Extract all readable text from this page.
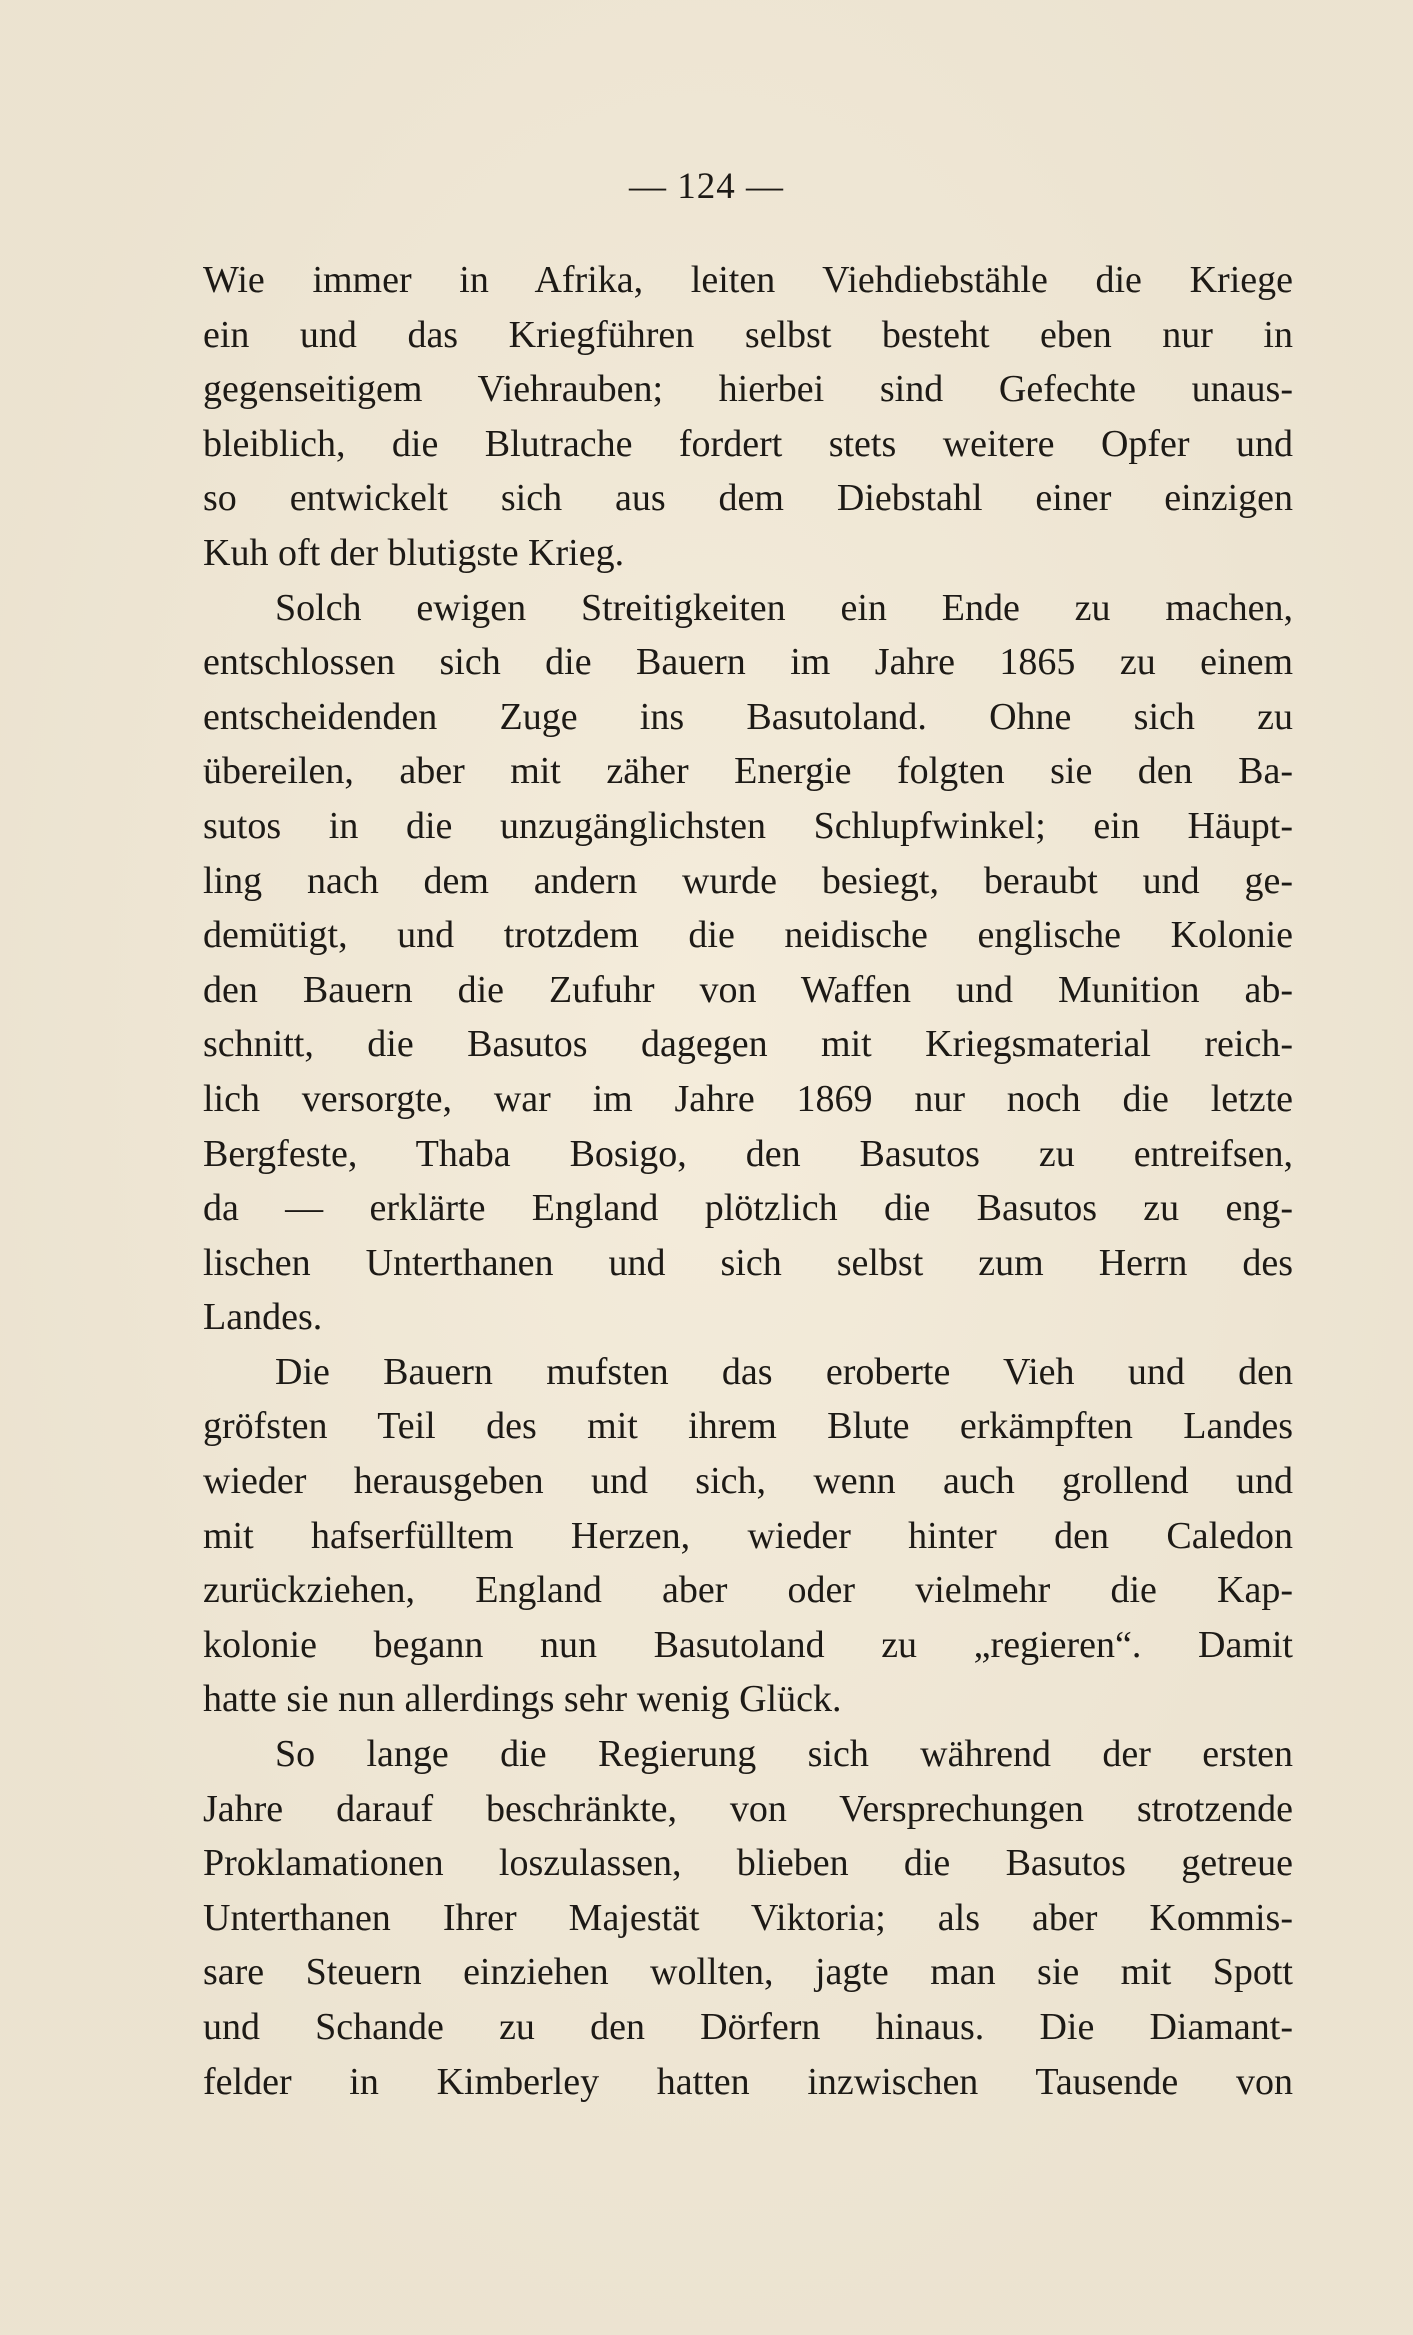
— 124 —
Wie immer in Afrika, leiten Viehdiebstähle die Kriege
ein und das Kriegführen selbst besteht eben nur in
gegenseitigem Viehrauben; hierbei sind Gefechte unaus-
bleiblich, die Blutrache fordert stets weitere Opfer und
so entwickelt sich aus dem Diebstahl einer einzigen
Kuh oft der blutigste Krieg.
Solch ewigen Streitigkeiten ein Ende zu machen,
entschlossen sich die Bauern im Jahre 1865 zu einem
entscheidenden Zuge ins Basutoland. Ohne sich zu
übereilen, aber mit zäher Energie folgten sie den Ba-
sutos in die unzugänglichsten Schlupfwinkel; ein Häupt-
ling nach dem andern wurde besiegt, beraubt und ge-
demütigt, und trotzdem die neidische englische Kolonie
den Bauern die Zufuhr von Waffen und Munition ab-
schnitt, die Basutos dagegen mit Kriegsmaterial reich-
lich versorgte, war im Jahre 1869 nur noch die letzte
Bergfeste, Thaba Bosigo, den Basutos zu entreifsen,
da — erklärte England plötzlich die Basutos zu eng-
lischen Unterthanen und sich selbst zum Herrn des
Landes.
Die Bauern mufsten das eroberte Vieh und den
gröfsten Teil des mit ihrem Blute erkämpften Landes
wieder herausgeben und sich, wenn auch grollend und
mit hafserfülltem Herzen, wieder hinter den Caledon
zurückziehen, England aber oder vielmehr die Kap-
kolonie begann nun Basutoland zu „regieren“. Damit
hatte sie nun allerdings sehr wenig Glück.
So lange die Regierung sich während der ersten
Jahre darauf beschränkte, von Versprechungen strotzende
Proklamationen loszulassen, blieben die Basutos getreue
Unterthanen Ihrer Majestät Viktoria; als aber Kommis-
sare Steuern einziehen wollten, jagte man sie mit Spott
und Schande zu den Dörfern hinaus. Die Diamant-
felder in Kimberley hatten inzwischen Tausende von
